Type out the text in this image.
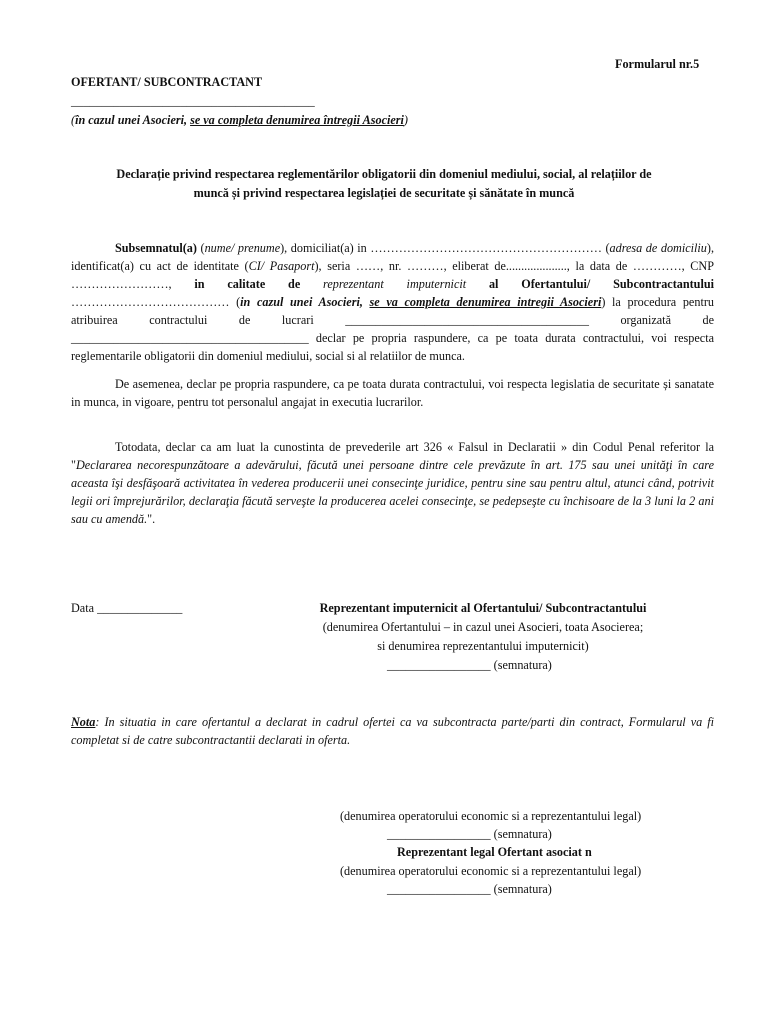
Formularul nr.5
OFERTANT/ SUBCONTRACTANT
________________________________________
(în cazul unei Asocieri, se va completa denumirea întregii Asocieri)
Declarație privind respectarea reglementărilor obligatorii din domeniul mediului, social, al relațiilor de
muncă și privind respectarea legislației de securitate și sănătate în muncă
Subsemnatul(a) (nume/ prenume), domiciliat(a) in ………………………………………………… (adresa de domiciliu), identificat(a) cu act de identitate (CI/ Pasaport), seria ……, nr. ………, eliberat de...................., la data de …………, CNP ……………………, in calitate de reprezentant imputernicit al Ofertantului/ Subcontractantului ………………………………… (in cazul unei Asocieri, se va completa denumirea intregii Asocieri) la procedura pentru atribuirea contractului de lucrari ________________________________________ organizată de _______________________________________ declar pe propria raspundere, ca pe toata durata contractului, voi respecta reglementarile obligatorii din domeniul mediului, social si al relatiilor de munca.
De asemenea, declar pe propria raspundere, ca pe toata durata contractului, voi respecta legislatia de securitate și sanatate in munca, in vigoare, pentru tot personalul angajat in executia lucrarilor.
Totodata, declar ca am luat la cunostinta de prevederile art 326 « Falsul in Declaratii » din Codul Penal referitor la "Declararea necorespunzătoare a adevărului, făcută unei persoane dintre cele prevăzute în art. 175 sau unei unităţi în care aceasta îşi desfăşoară activitatea în vederea producerii unei consecinţe juridice, pentru sine sau pentru altul, atunci când, potrivit legii ori împrejurărilor, declaraţia făcută serveşte la producerea acelei consecinţe, se pedepseşte cu închisoare de la 3 luni la 2 ani sau cu amendă.".
Data ______________	Reprezentant imputernicit al Ofertantului/ Subcontractantului
(denumirea Ofertantului – in cazul unei Asocieri, toata Asocierea;
si denumirea reprezentantului imputernicit)
_________________ (semnatura)
Nota: In situatia in care ofertantul a declarat in cadrul ofertei ca va subcontracta parte/parti din contract, Formularul va fi completat si de catre subcontractantii declarati in oferta.
(denumirea operatorului economic si a reprezentantului legal)
_________________ (semnatura)
Reprezentant legal Ofertant asociat n
(denumirea operatorului economic si a reprezentantului legal)
_________________ (semnatura)
